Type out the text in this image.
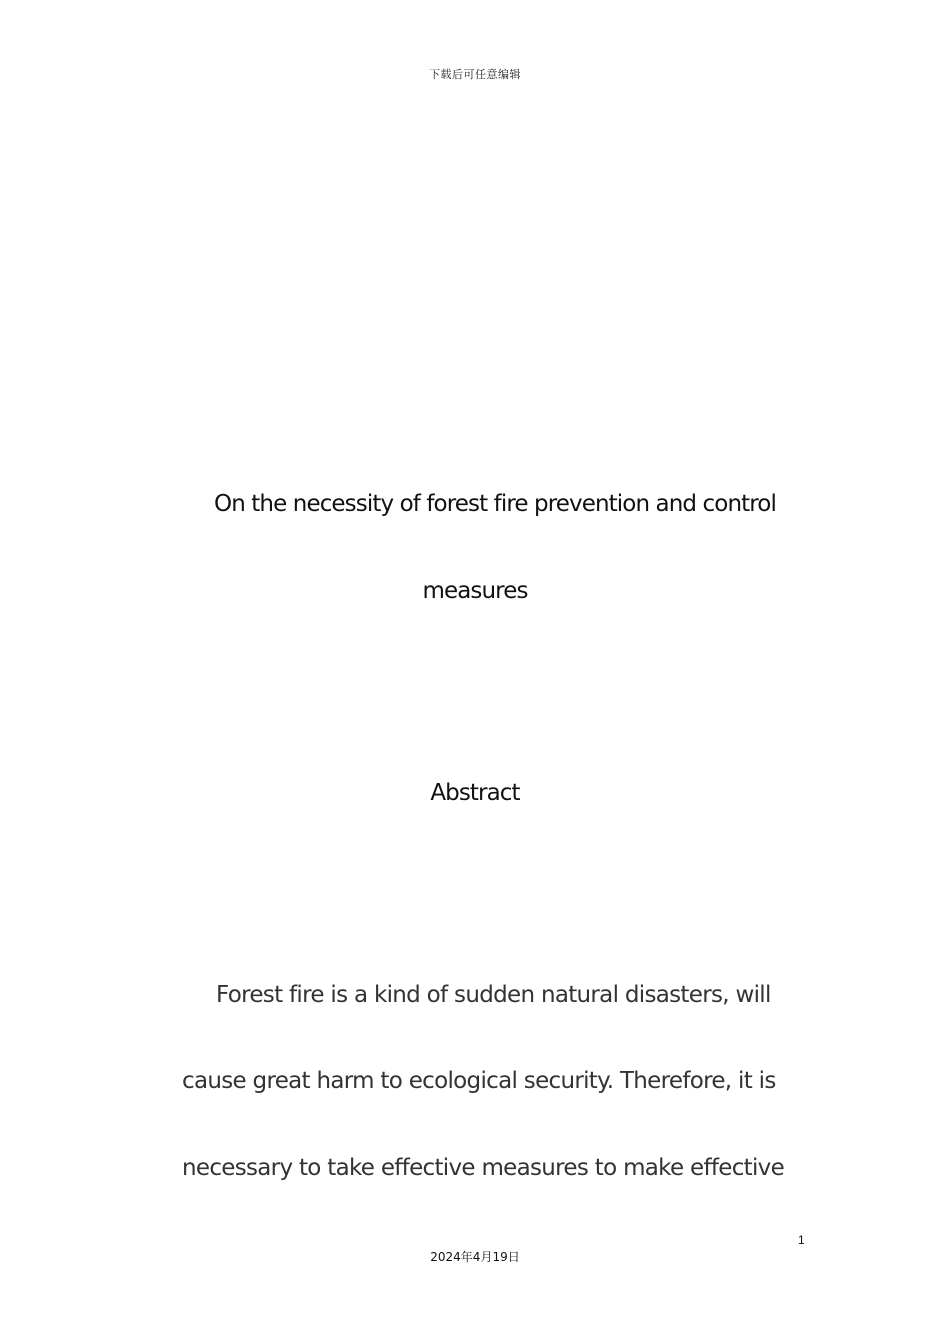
下载后可任意编辑
On the necessity of forest fire prevention and control
measures
Abstract
Forest fire is a kind of sudden natural disasters, will
cause great harm to ecological security. Therefore, it is
necessary to take effective measures to make effective
1
2024年4月19日
